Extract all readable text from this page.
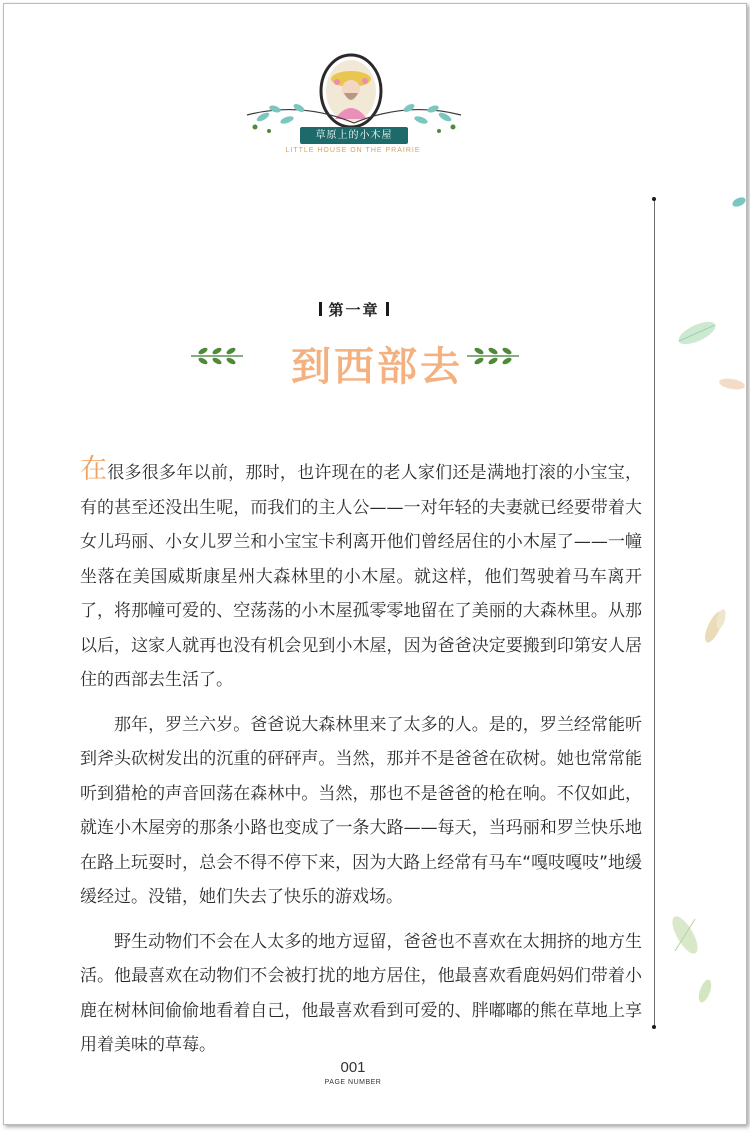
草原上的小木屋
LITTLE HOUSE ON THE PRAIRIE
第一章
到西部去

在很多很多年以前，那时，也许现在的老人家们还是满地打滚的小宝宝，有的甚至还没出生呢，而我们的主人公——一对年轻的夫妻就已经要带着大女儿玛丽、小女儿罗兰和小宝宝卡利离开他们曾经居住的小木屋了——一幢坐落在美国威斯康星州大森林里的小木屋。就这样，他们驾驶着马车离开了，将那幢可爱的、空荡荡的小木屋孤零零地留在了美丽的大森林里。从那以后，这家人就再也没有机会见到小木屋，因为爸爸决定要搬到印第安人居住的西部去生活了。

那年，罗兰六岁。爸爸说大森林里来了太多的人。是的，罗兰经常能听到斧头砍树发出的沉重的砰砰声。当然，那并不是爸爸在砍树。她也常常能听到猎枪的声音回荡在森林中。当然，那也不是爸爸的枪在响。不仅如此，就连小木屋旁的那条小路也变成了一条大路——每天，当玛丽和罗兰快乐地在路上玩耍时，总会不得不停下来，因为大路上经常有马车“嘎吱嘎吱”地缓缓经过。没错，她们失去了快乐的游戏场。

野生动物们不会在人太多的地方逗留，爸爸也不喜欢在太拥挤的地方生活。他最喜欢在动物们不会被打扰的地方居住，他最喜欢看鹿妈妈们带着小鹿在树林间偷偷地看着自己，他最喜欢看到可爱的、胖嘟嘟的熊在草地上享用着美味的草莓。

001
PAGE NUMBER
